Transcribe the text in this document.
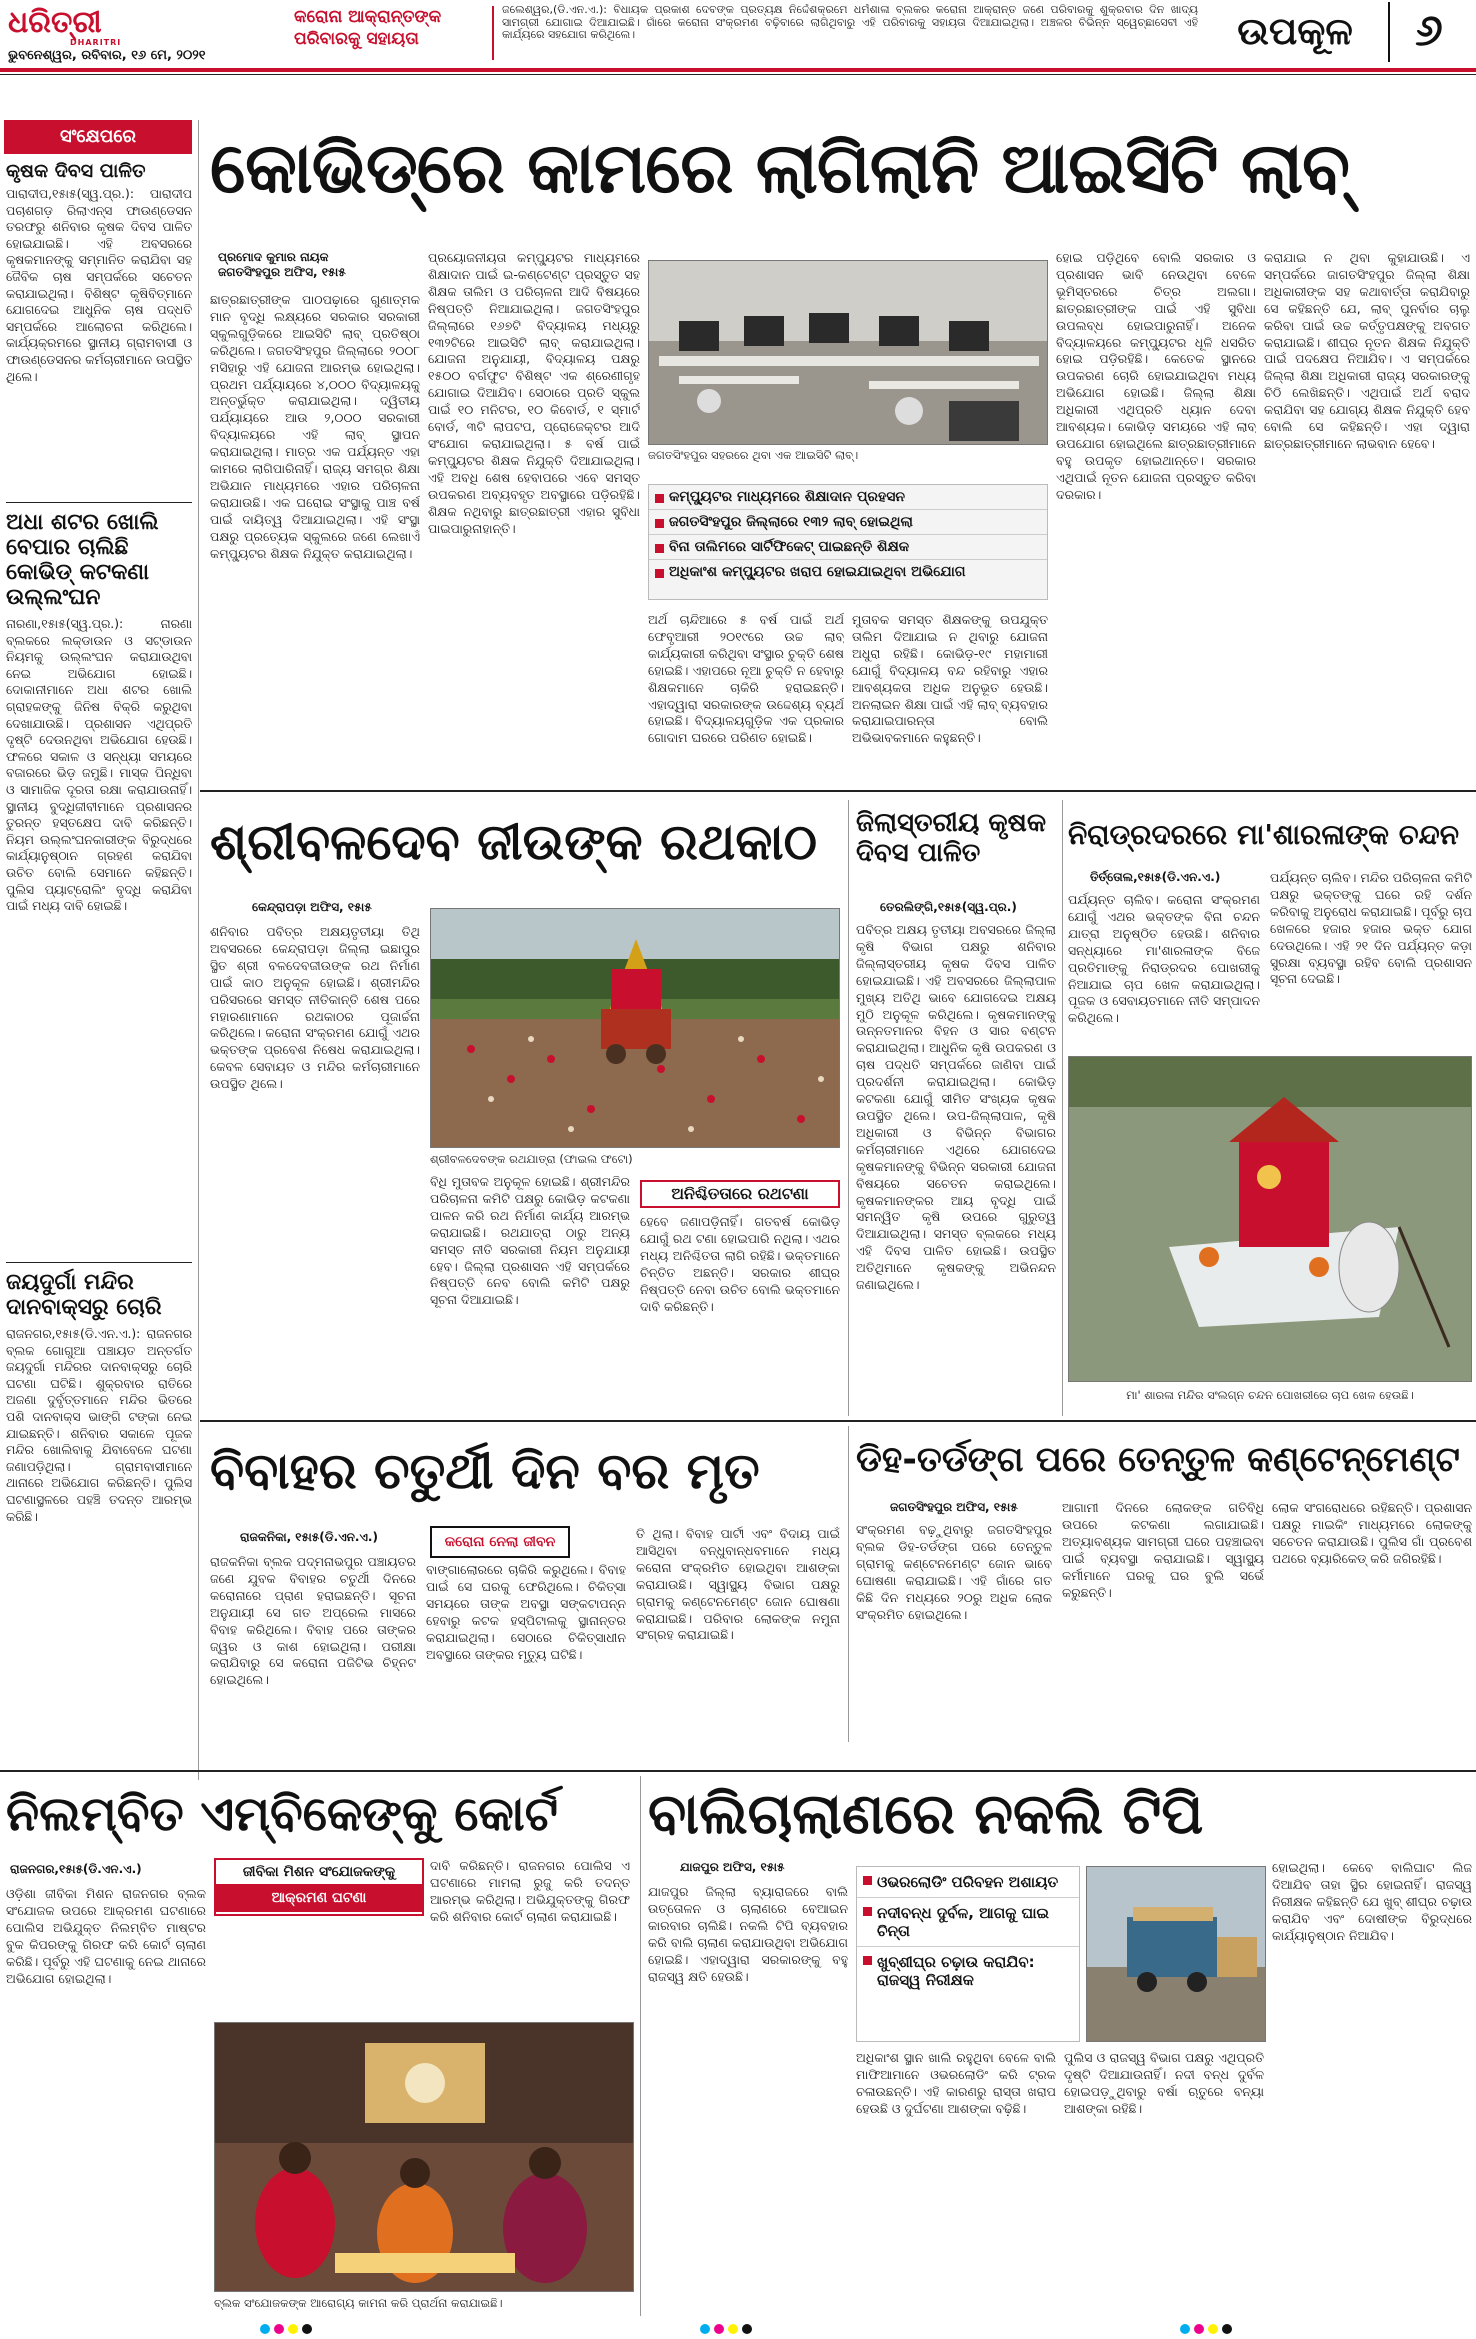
ଧରିତ୍ରୀ
DHARITRI
ଭୁବନେଶ୍ୱର, ରବିବାର, ୧୬ ମେ, ୨୦୨୧
କରୋନା ଆକ୍ରାନ୍ତଙ୍କ ପରିବାରକୁ ସହାୟତା
ଜଲେଶ୍ୱର,(ଡି.ଏନ.ଏ.): ବିଧାୟକ ପ୍ରକାଶ ଦେବଙ୍କ ପ୍ରତ୍ୟକ୍ଷ ନିର୍ଦ୍ଦେଶକ୍ରମେ ଧର୍ମଶାଳା ବ୍ଲକର କରୋନା ଆକ୍ରାନ୍ତ ଜଣେ ପରିବାରକୁ ଶୁକ୍ରବାର ଦିନ ଖାଦ୍ୟ ସାମଗ୍ରୀ ଯୋଗାଇ ଦିଆଯାଇଛି। ଗାଁରେ କରୋନା ସଂକ୍ରମଣ ବଢ଼ିବାରେ ଲାଗିଥିବାରୁ ଏହି ପରିବାରକୁ ସହାୟତା ଦିଆଯାଇଥିଲା। ଅଞ୍ଚଳର ବିଭିନ୍ନ ସ୍ୱେଚ୍ଛାସେବୀ ଏହି କାର୍ଯ୍ୟରେ ସହଯୋଗ କରିଥିଲେ।	ଉପକୂଳ	୬
ସଂକ୍ଷେପରେ
କୃଷକ ଦିବସ ପାଳିତ
ପାରାଦୀପ,୧୫ା୫(ସ୍ୱ.ପ୍ର.): ପାରାଦୀପ ପଚାଶଗଡ଼ ରିଲାଏନ୍ସ ଫାଉଣ୍ଡେସନ ତରଫରୁ ଶନିବାର କୃଷକ ଦିବସ ପାଳିତ ହୋଇଯାଇଛି। ଏହି ଅବସରରେ କୃଷକମାନଙ୍କୁ ସମ୍ମାନିତ କରାଯିବା ସହ ଜୈବିକ ଚାଷ ସମ୍ପର୍କରେ ସଚେତନ କରାଯାଇଥିଲା। ବିଶିଷ୍ଟ କୃଷିବିତ୍ମାନେ ଯୋଗଦେଇ ଆଧୁନିକ ଚାଷ ପଦ୍ଧତି ସମ୍ପର୍କରେ ଆଲୋଚନା କରିଥିଲେ। କାର୍ଯ୍ୟକ୍ରମରେ ସ୍ଥାନୀୟ ଗ୍ରାମବାସୀ ଓ ଫାଉଣ୍ଡେସନର କର୍ମଚାରୀମାନେ ଉପସ୍ଥିତ ଥିଲେ।
ଅଧା ଶଟର ଖୋଲି ବେପାର ଚାଲିଛି କୋଭିଡ୍ କଟକଣା ଉଲ୍ଲଂଘନ
ନାରଣା,୧୫ା୫(ସ୍ୱ.ପ୍ର.): ନାରଣା ବ୍ଲକରେ ଲକ୍ଡାଉନ ଓ ସଟ୍ଡାଉନ ନିୟମକୁ ଉଲ୍ଲଂଘନ କରାଯାଉଥିବା ନେଇ ଅଭିଯୋଗ ହୋଇଛି। ଦୋକାନୀମାନେ ଅଧା ଶଟର ଖୋଲି ଗ୍ରାହକଙ୍କୁ ଜିନିଷ ବିକ୍ରି କରୁଥିବା ଦେଖାଯାଉଛି। ପ୍ରଶାସନ ଏଥିପ୍ରତି ଦୃଷ୍ଟି ଦେଉନଥିବା ଅଭିଯୋଗ ହେଉଛି। ଫଳରେ ସକାଳ ଓ ସନ୍ଧ୍ୟା ସମୟରେ ବଜାରରେ ଭିଡ଼ ଜମୁଛି। ମାସ୍କ ପିନ୍ଧିବା ଓ ସାମାଜିକ ଦୂରତା ରକ୍ଷା କରାଯାଉନାହିଁ। ସ୍ଥାନୀୟ ବୁଦ୍ଧିଜୀବୀମାନେ ପ୍ରଶାସନର ତୁରନ୍ତ ହସ୍ତକ୍ଷେପ ଦାବି କରିଛନ୍ତି। ନିୟମ ଉଲ୍ଲଂଘନକାରୀଙ୍କ ବିରୁଦ୍ଧରେ କାର୍ଯ୍ୟାନୁଷ୍ଠାନ ଗ୍ରହଣ କରାଯିବା ଉଚିତ ବୋଲି ସେମାନେ କହିଛନ୍ତି। ପୁଲିସ ପ୍ୟାଟ୍ରୋଲିଂ ବୃଦ୍ଧି କରାଯିବା ପାଇଁ ମଧ୍ୟ ଦାବି ହୋଇଛି।
ଜୟଦୁର୍ଗା ମନ୍ଦିର ଦାନବାକ୍ସରୁ ଚୋରି
ରାଜନଗର,୧୫ା୫(ଡି.ଏନ.ଏ.): ରାଜନଗର ବ୍ଲକ ଗୋଗୁଆ ପଞ୍ଚାୟତ ଅନ୍ତର୍ଗତ ଜୟଦୁର୍ଗା ମନ୍ଦିରର ଦାନବାକ୍ସରୁ ଚୋରି ଘଟଣା ଘଟିଛି। ଶୁକ୍ରବାର ରାତିରେ ଅଜଣା ଦୁର୍ବୃତ୍ତମାନେ ମନ୍ଦିର ଭିତରେ ପଶି ଦାନବାକ୍ସ ଭାଙ୍ଗି ଟଙ୍କା ନେଇ ଯାଇଛନ୍ତି। ଶନିବାର ସକାଳେ ପୂଜକ ମନ୍ଦିର ଖୋଲିବାକୁ ଯିବାବେଳେ ଘଟଣା ଜଣାପଡ଼ିଥିଲା। ଗ୍ରାମବାସୀମାନେ ଥାନାରେ ଅଭିଯୋଗ କରିଛନ୍ତି। ପୁଲିସ ଘଟଣାସ୍ଥଳରେ ପହଞ୍ଚି ତଦନ୍ତ ଆରମ୍ଭ କରିଛି।
କୋଭିଡ୍‌ରେ କାମରେ ଲାଗିଲାନି ଆଇସିଟି ଲାବ୍‌
ପ୍ରମୋଦ କୁମାର ନାୟକ
ଜଗତସିଂହପୁର ଅଫିସ, ୧୫ା୫
ଛାତ୍ରଛାତ୍ରୀଙ୍କ ପାଠପଢ଼ାରେ ଗୁଣାତ୍ମକ ମାନ ବୃଦ୍ଧି ଲକ୍ଷ୍ୟରେ ସରକାର ସରକାରୀ ସ୍କୁଲଗୁଡ଼ିକରେ ଆଇସିଟି ଲାବ୍ ପ୍ରତିଷ୍ଠା କରିଥିଲେ। ଜଗତସିଂହପୁର ଜିଲ୍ଲାରେ ୨୦୦୮ ମସିହାରୁ ଏହି ଯୋଜନା ଆରମ୍ଭ ହୋଇଥିଲା। ପ୍ରଥମ ପର୍ଯ୍ୟାୟରେ ୪,୦୦୦ ବିଦ୍ୟାଳୟକୁ ଅନ୍ତର୍ଭୁକ୍ତ କରାଯାଇଥିଲା। ଦ୍ୱିତୀୟ ପର୍ଯ୍ୟାୟରେ ଆଉ ୨,୦୦୦ ସରକାରୀ ବିଦ୍ୟାଳୟରେ ଏହି ଲାବ୍ ସ୍ଥାପନ କରାଯାଇଥିଲା। ମାତ୍ର ଏକ ପର୍ଯ୍ୟନ୍ତ ଏହା କାମରେ ଲାଗିପାରିନାହିଁ। ରାଜ୍ୟ ସମଗ୍ର ଶିକ୍ଷା ଅଭିଯାନ ମାଧ୍ୟମରେ ଏହାର ପରିଚାଳନା କରାଯାଉଛି। ଏକ ଘରୋଇ ସଂସ୍ଥାକୁ ପାଞ୍ଚ ବର୍ଷ ପାଇଁ ଦାୟିତ୍ୱ ଦିଆଯାଇଥିଲା। ଏହି ସଂସ୍ଥା ପକ୍ଷରୁ ପ୍ରତ୍ୟେକ ସ୍କୁଲରେ ଜଣେ ଲେଖାଏଁ କମ୍ପ୍ୟୁଟର ଶିକ୍ଷକ ନିଯୁକ୍ତ କରାଯାଇଥିଲା।
ପ୍ରୟୋଜନୀୟତା କମ୍ପ୍ୟୁଟର ମାଧ୍ୟମରେ ଶିକ୍ଷାଦାନ ପାଇଁ ଇ-କଣ୍ଟେଣ୍ଟ ପ୍ରସ୍ତୁତ ସହ ଶିକ୍ଷକ ତାଲିମ ଓ ପରିଚାଳନା ଆଦି ବିଷୟରେ ନିଷ୍ପତ୍ତି ନିଆଯାଇଥିଲା। ଜଗତସିଂହପୁର ଜିଲ୍ଲାରେ ୧୬୭ଟି ବିଦ୍ୟାଳୟ ମଧ୍ୟରୁ ୧୩୨ଟିରେ ଆଇସିଟି ଲାବ୍ କରାଯାଇଥିଲା। ଯୋଜନା ଅନୁଯାୟୀ, ବିଦ୍ୟାଳୟ ପକ୍ଷରୁ ୧୫୦୦ ବର୍ଗଫୁଟ ବିଶିଷ୍ଟ ଏକ ଶ୍ରେଣୀଗୃହ ଯୋଗାଇ ଦିଆଯିବ। ସେଠାରେ ପ୍ରତି ସ୍କୁଲ ପାଇଁ ୧୦ ମନିଟର, ୧୦ କିବୋର୍ଡ, ୧ ସ୍ମାର୍ଟ ବୋର୍ଡ, ୩ଟି ଲାପଟପ, ପ୍ରୋଜେକ୍ଟର ଆଦି ସଂଯୋଗ କରାଯାଇଥିଲା। ୫ ବର୍ଷ ପାଇଁ କମ୍ପ୍ୟୁଟର ଶିକ୍ଷକ ନିଯୁକ୍ତି ଦିଆଯାଇଥିଲା। ଏହି ଅବଧି ଶେଷ ହେବାପରେ ଏବେ ସମସ୍ତ ଉପକରଣ ଅବ୍ୟବହୃତ ଅବସ୍ଥାରେ ପଡ଼ିରହିଛି। ଶିକ୍ଷକ ନଥିବାରୁ ଛାତ୍ରଛାତ୍ରୀ ଏହାର ସୁବିଧା ପାଇପାରୁନାହାନ୍ତି।
ଜଗତସିଂହପୁର ସହରରେ ଥିବା ଏକ ଆଇସିଟି ଲାବ୍।
କମ୍ପ୍ୟୁଟର ମାଧ୍ୟମରେ ଶିକ୍ଷାଦାନ ପ୍ରହସନ
ଜଗତସିଂହପୁର ଜିଲ୍ଲାରେ ୧୩୨ ଲାବ୍ ହୋଇଥିଲା
ବିନା ତାଲିମରେ ସାର୍ଟିଫିକେଟ୍ ପାଇଛନ୍ତି ଶିକ୍ଷକ
ଅଧିକାଂଶ କମ୍ପ୍ୟୁଟର ଖରାପ ହୋଇଯାଇଥିବା ଅଭିଯୋଗ
ଅର୍ଥ ଚାନ୍ଦିଆରେ ୫ ବର୍ଷ ପାଇଁ ଅର୍ଥ ଫେବୃଆରୀ ୨୦୧୯ରେ ଉଚ୍ଚ ଲାବ୍ କାର୍ଯ୍ୟକାରୀ କରିଥିବା ସଂସ୍ଥାର ଚୁକ୍ତି ଶେଷ ହୋଇଛି। ଏହାପରେ ନୂଆ ଚୁକ୍ତି ନ ହେବାରୁ ଶିକ୍ଷକମାନେ ଚାକିରି ହରାଇଛନ୍ତି। ଏହାଦ୍ୱାରା ସରକାରଙ୍କ ଉଦ୍ଦେଶ୍ୟ ବ୍ୟର୍ଥ ହୋଇଛି। ବିଦ୍ୟାଳୟଗୁଡ଼ିକ ଏକ ପ୍ରକାର ଗୋଦାମ ଘରରେ ପରିଣତ ହୋଇଛି।
ମୁତାବକ ସମସ୍ତ ଶିକ୍ଷକଙ୍କୁ ଉପଯୁକ୍ତ ତାଲିମ ଦିଆଯାଇ ନ ଥିବାରୁ ଯୋଜନା ଅଧୁରା ରହିଛି। କୋଭିଡ଼-୧୯ ମହାମାରୀ ଯୋଗୁଁ ବିଦ୍ୟାଳୟ ବନ୍ଦ ରହିବାରୁ ଏହାର ଆବଶ୍ୟକତା ଅଧିକ ଅନୁଭୂତ ହେଉଛି। ଅନଲାଇନ ଶିକ୍ଷା ପାଇଁ ଏହି ଲାବ୍ ବ୍ୟବହାର କରାଯାଇପାରନ୍ତା ବୋଲି ଅଭିଭାବକମାନେ କହୁଛନ୍ତି।
ହୋଇ ପଡ଼ିଥିବେ ବୋଲି ସରକାର ଓ ପ୍ରଶାସନ ଭାବି ନେଉଥିବା ବେଳେ ଭୂମିସ୍ତରରେ ଚିତ୍ର ଅଲଗା। ଛାତ୍ରଛାତ୍ରୀଙ୍କ ପାଇଁ ଏହି ସୁବିଧା ଉପଲବ୍ଧ ହୋଇପାରୁନାହିଁ। ଅନେକ ବିଦ୍ୟାଳୟରେ କମ୍ପ୍ୟୁଟର ଧୂଳି ଧସରିତ ହୋଇ ପଡ଼ିରହିଛି। କେତେକ ସ୍ଥାନରେ ଉପକରଣ ଚୋରି ହୋଇଯାଇଥିବା ମଧ୍ୟ ଅଭିଯୋଗ ହୋଇଛି। ଜିଲ୍ଲା ଶିକ୍ଷା ଅଧିକାରୀ ଏଥିପ୍ରତି ଧ୍ୟାନ ଦେବା ଆବଶ୍ୟକ। କୋଭିଡ଼ ସମୟରେ ଏହି ଲାବ୍ ଉପଯୋଗ ହୋଇଥିଲେ ଛାତ୍ରଛାତ୍ରୀମାନେ ବହୁ ଉପକୃତ ହୋଇଥାନ୍ତେ। ସରକାର ଏଥିପାଇଁ ନୂତନ ଯୋଜନା ପ୍ରସ୍ତୁତ କରିବା ଦରକାର।
କରାଯାଇ ନ ଥିବା କୁହାଯାଉଛି। ଏ ସମ୍ପର୍କରେ ଜାଗତସିଂହପୁର ଜିଲ୍ଲା ଶିକ୍ଷା ଅଧିକାରୀଙ୍କ ସହ କଥାବାର୍ତ୍ତା କରାଯିବାରୁ ସେ କହିଛନ୍ତି ଯେ, ଲାବ୍ ପୁନର୍ବାର ଚାଲୁ କରିବା ପାଇଁ ଉଚ୍ଚ କର୍ତ୍ତୃପକ୍ଷଙ୍କୁ ଅବଗତ କରାଯାଇଛି। ଶୀଘ୍ର ନୂତନ ଶିକ୍ଷକ ନିଯୁକ୍ତି ପାଇଁ ପଦକ୍ଷେପ ନିଆଯିବ। ଏ ସମ୍ପର୍କରେ ଜିଲ୍ଲା ଶିକ୍ଷା ଅଧିକାରୀ ରାଜ୍ୟ ସରକାରଙ୍କୁ ଚିଠି ଲେଖିଛନ୍ତି। ଏଥିପାଇଁ ଅର୍ଥ ବରାଦ କରାଯିବା ସହ ଯୋଗ୍ୟ ଶିକ୍ଷକ ନିଯୁକ୍ତି ହେବ ବୋଲି ସେ କହିଛନ୍ତି। ଏହା ଦ୍ୱାରା ଛାତ୍ରଛାତ୍ରୀମାନେ ଲାଭବାନ ହେବେ।
ଶ୍ରୀବଳଦେବ ଜୀଉଙ୍କ ରଥକାଠ
କେନ୍ଦ୍ରାପଡ଼ା ଅଫିସ, ୧୫ା୫
ଶନିବାର ପବିତ୍ର ଅକ୍ଷୟତୃତୀୟା ତିଥି ଅବସରରେ କେନ୍ଦ୍ରାପଡ଼ା ଜିଲ୍ଲା ଇଛାପୁର ସ୍ଥିତ ଶ୍ରୀ ବଳଦେବଜୀଉଙ୍କ ରଥ ନିର୍ମାଣ ପାଇଁ କାଠ ଅନୁକୂଳ ହୋଇଛି। ଶ୍ରୀମନ୍ଦିର ପରିସରରେ ସମସ୍ତ ନୀତିକାନ୍ତି ଶେଷ ପରେ ମହାରଣାମାନେ ରଥକାଠର ପୂଜାର୍ଚ୍ଚନା କରିଥିଲେ। କରୋନା ସଂକ୍ରମଣ ଯୋଗୁଁ ଏଥର ଭକ୍ତଙ୍କ ପ୍ରବେଶ ନିଷେଧ କରାଯାଇଥିଲା। କେବଳ ସେବାୟତ ଓ ମନ୍ଦିର କର୍ମଚାରୀମାନେ ଉପସ୍ଥିତ ଥିଲେ।
ଶ୍ରୀବଳଦେବଙ୍କ ରଥଯାତ୍ରା (ଫାଇଲ ଫଟୋ)
ବିଧି ମୁତାବକ ଅନୁକୂଳ ହୋଇଛି। ଶ୍ରୀମନ୍ଦିର ପରିଚାଳନା କମିଟି ପକ୍ଷରୁ କୋଭିଡ଼ କଟକଣା ପାଳନ କରି ରଥ ନିର୍ମାଣ କାର୍ଯ୍ୟ ଆରମ୍ଭ କରାଯାଇଛି। ରଥଯାତ୍ରା ଠାରୁ ଅନ୍ୟ ସମସ୍ତ ନୀତି ସରକାରୀ ନିୟମ ଅନୁଯାୟୀ ହେବ। ଜିଲ୍ଲା ପ୍ରଶାସନ ଏହି ସମ୍ପର୍କରେ ନିଷ୍ପତ୍ତି ନେବ ବୋଲି କମିଟି ପକ୍ଷରୁ ସୂଚନା ଦିଆଯାଇଛି।
ଅନିଶ୍ଚିତତାରେ ରଥଟଣା
ହେବେ ଜଣାପଡ଼ିନାହିଁ। ଗତବର୍ଷ କୋଭିଡ଼ ଯୋଗୁଁ ରଥ ଟଣା ହୋଇପାରି ନଥିଲା। ଏଥର ମଧ୍ୟ ଅନିଶ୍ଚିତତା ଲାଗି ରହିଛି। ଭକ୍ତମାନେ ଚିନ୍ତିତ ଅଛନ୍ତି। ସରକାର ଶୀଘ୍ର ନିଷ୍ପତ୍ତି ନେବା ଉଚିତ ବୋଲି ଭକ୍ତମାନେ ଦାବି କରିଛନ୍ତି।
ଜିଲାସ୍ତରୀୟ କୃଷକ ଦିବସ ପାଳିତ
ତେରଲିଙ୍ଗି,୧୫ା୫(ସ୍ୱ.ପ୍ର.)
ପବିତ୍ର ଅକ୍ଷୟ ତୃତୀୟା ଅବସରରେ ଜିଲ୍ଲା କୃଷି ବିଭାଗ ପକ୍ଷରୁ ଶନିବାର ଜିଲ୍ଲାସ୍ତରୀୟ କୃଷକ ଦିବସ ପାଳିତ ହୋଇଯାଇଛି। ଏହି ଅବସରରେ ଜିଲ୍ଲାପାଳ ମୁଖ୍ୟ ଅତିଥି ଭାବେ ଯୋଗଦେଇ ଅକ୍ଷୟ ମୁଠି ଅନୁକୂଳ କରିଥିଲେ। କୃଷକମାନଙ୍କୁ ଉନ୍ନତମାନର ବିହନ ଓ ସାର ବଣ୍ଟନ କରାଯାଇଥିଲା। ଆଧୁନିକ କୃଷି ଉପକରଣ ଓ ଚାଷ ପଦ୍ଧତି ସମ୍ପର୍କରେ ଜାଣିବା ପାଇଁ ପ୍ରଦର୍ଶନୀ କରାଯାଇଥିଲା। କୋଭିଡ଼ କଟକଣା ଯୋଗୁଁ ସୀମିତ ସଂଖ୍ୟକ କୃଷକ ଉପସ୍ଥିତ ଥିଲେ। ଉପ-ଜିଲ୍ଲାପାଳ, କୃଷି ଅଧିକାରୀ ଓ ବିଭିନ୍ନ ବିଭାଗର କର୍ମଚାରୀମାନେ ଏଥିରେ ଯୋଗଦେଇ କୃଷକମାନଙ୍କୁ ବିଭିନ୍ନ ସରକାରୀ ଯୋଜନା ବିଷୟରେ ସଚେତନ କରାଇଥିଲେ। କୃଷକମାନଙ୍କର ଆୟ ବୃଦ୍ଧି ପାଇଁ ସମନ୍ୱିତ କୃଷି ଉପରେ ଗୁରୁତ୍ୱ ଦିଆଯାଇଥିଲା। ସମସ୍ତ ବ୍ଲକରେ ମଧ୍ୟ ଏହି ଦିବସ ପାଳିତ ହୋଇଛି। ଉପସ୍ଥିତ ଅତିଥିମାନେ କୃଷକଙ୍କୁ ଅଭିନନ୍ଦନ ଜଣାଇଥିଲେ।
ନିରାଡ୍ରଦରରେ ମା'ଶାରଳାଙ୍କ ଚନ୍ଦନ
ତିର୍ତ୍ତୋଲ,୧୫ା୫(ଡି.ଏନ.ଏ.)
ପର୍ଯ୍ୟନ୍ତ ଚାଲିବ। କରୋନା ସଂକ୍ରମଣ ଯୋଗୁଁ ଏଥର ଭକ୍ତଙ୍କ ବିନା ଚନ୍ଦନ ଯାତ୍ରା ଅନୁଷ୍ଠିତ ହେଉଛି। ଶନିବାର ସନ୍ଧ୍ୟାରେ ମା'ଶାରଳାଙ୍କ ବିଜେ ପ୍ରତିମାଙ୍କୁ ନିରାଡ୍ରଦର ପୋଖରୀକୁ ନିଆଯାଇ ଚାପ ଖେଳ କରାଯାଇଥିଲା। ପୂଜକ ଓ ସେବାୟତମାନେ ନୀତି ସମ୍ପାଦନ କରିଥିଲେ।
ପର୍ଯ୍ୟନ୍ତ ଚାଲିବ। ମନ୍ଦିର ପରିଚାଳନା କମିଟି ପକ୍ଷରୁ ଭକ୍ତଙ୍କୁ ଘରେ ରହି ଦର୍ଶନ କରିବାକୁ ଅନୁରୋଧ କରାଯାଇଛି। ପୂର୍ବରୁ ଚାପ ଖେଳରେ ହଜାର ହଜାର ଭକ୍ତ ଯୋଗ ଦେଉଥିଲେ। ଏହି ୨୧ ଦିନ ପର୍ଯ୍ୟନ୍ତ କଡ଼ା ସୁରକ୍ଷା ବ୍ୟବସ୍ଥା ରହିବ ବୋଲି ପ୍ରଶାସନ ସୂଚନା ଦେଇଛି।
ମା' ଶାରଳା ମନ୍ଦିର ସଂଲଗ୍ନ ଚନ୍ଦନ ପୋଖରୀରେ ଚାପ ଖେଳ ହେଉଛି।
ବିବାହର ଚତୁର୍ଥୀ ଦିନ ବର ମୃତ
ରାଜକନିକା, ୧୫ା୫(ଡି.ଏନ.ଏ.)	କରୋନା ନେଲା ଜୀବନ
ରାଜକନିକା ବ୍ଲକ ପଦ୍ମନାଭପୁର ପଞ୍ଚାୟତର ଜଣେ ଯୁବକ ବିବାହର ଚତୁର୍ଥୀ ଦିନରେ କରୋନାରେ ପ୍ରାଣ ହରାଇଛନ୍ତି। ସୂଚନା ଅନୁଯାୟୀ ସେ ଗତ ଅପ୍ରେଲ ମାସରେ ବିବାହ କରିଥିଲେ। ବିବାହ ପରେ ତାଙ୍କର ଜ୍ୱର ଓ କାଶ ହୋଇଥିଲା। ପରୀକ୍ଷା କରାଯିବାରୁ ସେ କରୋନା ପଜିଟିଭ ଚିହ୍ନଟ ହୋଇଥିଲେ।
ବାଙ୍ଗାଲୋରରେ ଚାକିରି କରୁଥିଲେ। ବିବାହ ପାଇଁ ସେ ଘରକୁ ଫେରିଥିଲେ। ଚିକିତ୍ସା ସମୟରେ ତାଙ୍କ ଅବସ୍ଥା ସଙ୍କଟାପନ୍ନ ହେବାରୁ କଟକ ହସ୍ପିଟାଲକୁ ସ୍ଥାନାନ୍ତର କରାଯାଇଥିଲା। ସେଠାରେ ଚିକିତ୍ସାଧୀନ ଅବସ୍ଥାରେ ତାଙ୍କର ମୃତ୍ୟୁ ଘଟିଛି।
ତି ଥିଲା। ବିବାହ ପାର୍ଟୀ ଏବଂ ବିଦାୟ ପାଇଁ ଆସିଥିବା ବନ୍ଧୁବାନ୍ଧବମାନେ ମଧ୍ୟ କରୋନା ସଂକ୍ରମିତ ହୋଇଥିବା ଆଶଙ୍କା କରାଯାଉଛି। ସ୍ୱାସ୍ଥ୍ୟ ବିଭାଗ ପକ୍ଷରୁ ଗ୍ରାମକୁ କଣ୍ଟେନମେଣ୍ଟ ଜୋନ ଘୋଷଣା କରାଯାଇଛି। ପରିବାର ଲୋକଙ୍କ ନମୁନା ସଂଗ୍ରହ କରାଯାଇଛି।
ଡିହ-ତର୍ଡଙ୍ଗ ପରେ ତେନ୍ତୁଳ କଣ୍ଟେନ୍‌ମେଣ୍ଟ
ଜଗତସିଂହପୁର ଅଫିସ, ୧୫ା୫
ସଂକ୍ରମଣ ବଢ଼ୁଥିବାରୁ ଜଗତସିଂହପୁର ବ୍ଲକ ଡିହ-ତର୍ଡଙ୍ଗ ପରେ ତେନ୍ତୁଳ ଗ୍ରାମକୁ କଣ୍ଟେନମେଣ୍ଟ ଜୋନ ଭାବେ ଘୋଷଣା କରାଯାଇଛି। ଏହି ଗାଁରେ ଗତ କିଛି ଦିନ ମଧ୍ୟରେ ୨୦ରୁ ଅଧିକ ଲୋକ ସଂକ୍ରମିତ ହୋଇଥିଲେ।
ଆଗାମୀ ଦିନରେ ଲୋକଙ୍କ ଗତିବିଧି ଉପରେ କଟକଣା ଲଗାଯାଇଛି। ଅତ୍ୟାବଶ୍ୟକ ସାମଗ୍ରୀ ଘରେ ପହଞ୍ଚାଇବା ପାଇଁ ବ୍ୟବସ୍ଥା କରାଯାଇଛି। ସ୍ୱାସ୍ଥ୍ୟ କର୍ମୀମାନେ ଘରକୁ ଘର ବୁଲି ସର୍ଭେ କରୁଛନ୍ତି।
ଲୋକ ସଂଗରୋଧରେ ରହିଛନ୍ତି। ପ୍ରଶାସନ ପକ୍ଷରୁ ମାଇକିଂ ମାଧ୍ୟମରେ ଲୋକଙ୍କୁ ସଚେତନ କରାଯାଉଛି। ପୁଲିସ ଗାଁ ପ୍ରବେଶ ପଥରେ ବ୍ୟାରିକେଡ୍ କରି ଜଗିରହିଛି।
ନିଲମ୍ବିତ ଏମ୍‌ବିକେଙ୍କୁ କୋର୍ଟ
ରାଜନଗର,୧୫ା୫(ଡି.ଏନ.ଏ.)	ଜୀବିକା ମିଶନ ସଂଯୋଜକଙ୍କୁ
ଆକ୍ରମଣ ଘଟଣା
ଓଡ଼ିଶା ଜୀବିକା ମିଶନ ରାଜନଗର ବ୍ଲକ ସଂଯୋଜକ ଉପରେ ଆକ୍ରମଣ ଘଟଣାରେ ପୋଲିସ ଅଭିଯୁକ୍ତ ନିଲମ୍ବିତ ମାଷ୍ଟର ବୁକ କିପରଙ୍କୁ ଗିରଫ କରି କୋର୍ଟ ଚାଲାଣ କରିଛି। ପୂର୍ବରୁ ଏହି ଘଟଣାକୁ ନେଇ ଥାନାରେ ଅଭିଯୋଗ ହୋଇଥିଲା।
ଦାବି କରିଛନ୍ତି। ରାଜନଗର ପୋଲିସ ଏ ଘଟଣାରେ ମାମଲା ରୁଜୁ କରି ତଦନ୍ତ ଆରମ୍ଭ କରିଥିଲା। ଅଭିଯୁକ୍ତଙ୍କୁ ଗିରଫ କରି ଶନିବାର କୋର୍ଟ ଚାଲାଣ କରାଯାଇଛି।
ବ୍ଲକ ସଂଯୋଜକଙ୍କ ଆରୋଗ୍ୟ କାମନା କରି ପ୍ରାର୍ଥନା କରାଯାଇଛି।
ବାଲିଚାଲାଣରେ ନକଲି ଟିପି
ଯାଜପୁର ଅଫିସ, ୧୫ା୫
ଯାଜପୁର ଜିଲ୍ଲା ବ୍ୟାରାଜରେ ବାଲି ଉତ୍ତୋଳନ ଓ ଚାଲାଣରେ ବେଆଇନ କାରବାର ଚାଲିଛି। ନକଲି ଟିପି ବ୍ୟବହାର କରି ବାଲି ଚାଲାଣ କରାଯାଉଥିବା ଅଭିଯୋଗ ହୋଇଛି। ଏହାଦ୍ୱାରା ସରକାରଙ୍କୁ ବହୁ ରାଜସ୍ୱ କ୍ଷତି ହେଉଛି।
ଓଭରଲୋଡିଂ ପରିବହନ ଅଶାୟତ
ନଦୀବନ୍ଧ ଦୁର୍ବଳ, ଆଗକୁ ଘାଇ ଚିନ୍ତା
ଖୁବ୍‌ଶୀଘ୍ର ଚଢ଼ାଉ କରାଯିବ: ରାଜସ୍ୱ ନିରୀକ୍ଷକ
ହୋଇଥିଲା। କେବେ ବାଲିଘାଟ ଲିଜ ଦିଆଯିବ ତାହା ସ୍ଥିର ହୋଇନାହିଁ। ରାଜସ୍ୱ ନିରୀକ୍ଷକ କହିଛନ୍ତି ଯେ ଖୁବ୍ ଶୀଘ୍ର ଚଢ଼ାଉ କରାଯିବ ଏବଂ ଦୋଷୀଙ୍କ ବିରୁଦ୍ଧରେ କାର୍ଯ୍ୟାନୁଷ୍ଠାନ ନିଆଯିବ।
ଅଧିକାଂଶ ସ୍ଥାନ ଖାଲି ରହୁଥିବା ବେଳେ ବାଲି ମାଫିଆମାନେ ଓଭରଲୋଡିଂ କରି ଟ୍ରକ ଚଳାଉଛନ୍ତି। ଏହି କାରଣରୁ ରାସ୍ତା ଖରାପ ହେଉଛି ଓ ଦୁର୍ଘଟଣା ଆଶଙ୍କା ବଢ଼ିଛି।
ପୁଲିସ ଓ ରାଜସ୍ୱ ବିଭାଗ ପକ୍ଷରୁ ଏଥିପ୍ରତି ଦୃଷ୍ଟି ଦିଆଯାଉନାହିଁ। ନଦୀ ବନ୍ଧ ଦୁର୍ବଳ ହୋଇପଡ଼ୁଥିବାରୁ ବର୍ଷା ଋତୁରେ ବନ୍ୟା ଆଶଙ୍କା ରହିଛି।
